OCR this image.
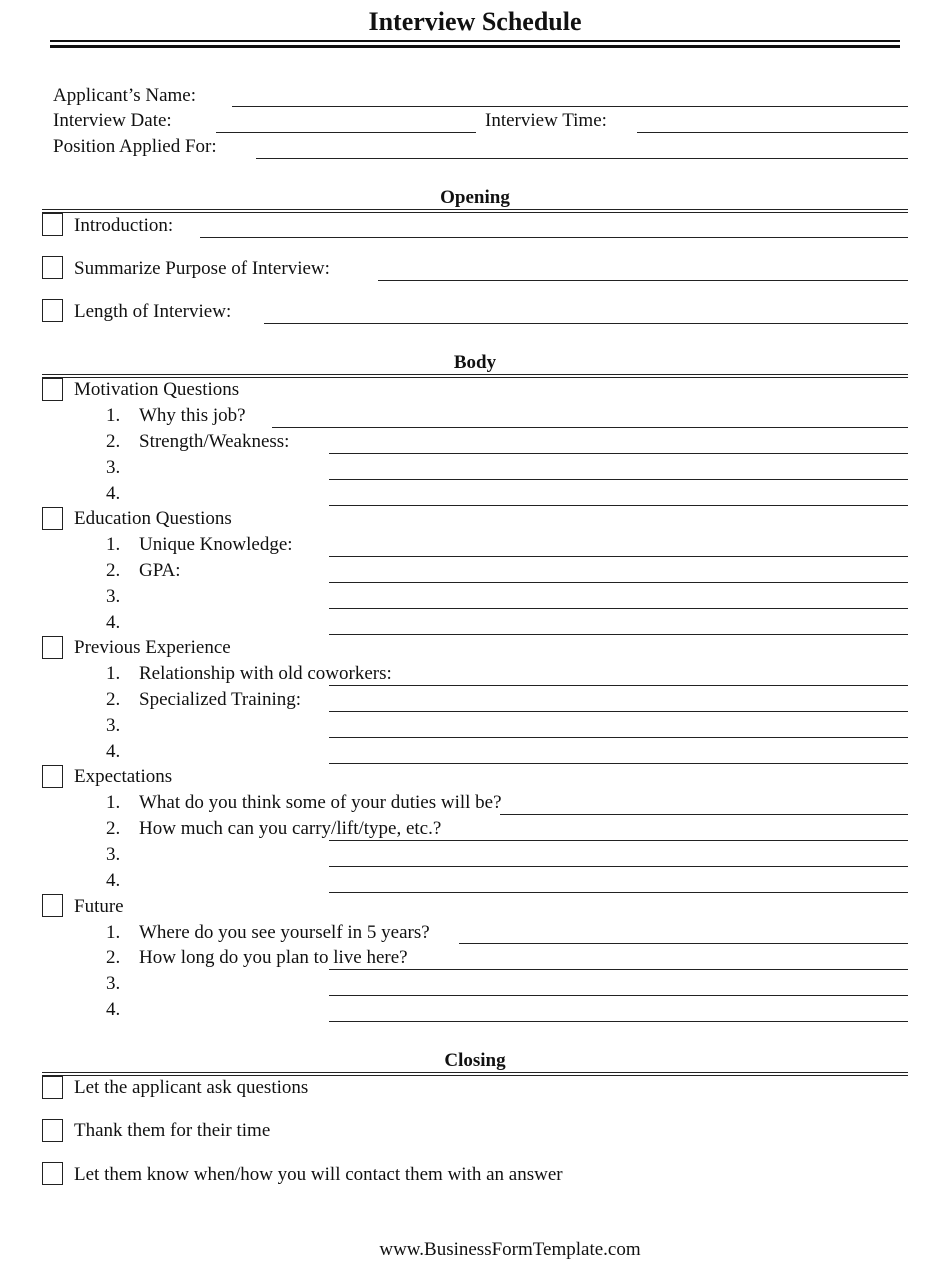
Interview Schedule
Applicant’s Name:
Interview Date:	Interview Time:
Position Applied For:
Opening
Introduction:
Summarize Purpose of Interview:
Length of Interview:
Body
Motivation Questions
1. Why this job?
2. Strength/Weakness:
3.
4.
Education Questions
1. Unique Knowledge:
2. GPA:
3.
4.
Previous Experience
1. Relationship with old coworkers:
2. Specialized Training:
3.
4.
Expectations
1. What do you think some of your duties will be?
2. How much can you carry/lift/type, etc.?
3.
4.
Future
1. Where do you see yourself in 5 years?
2. How long do you plan to live here?
3.
4.
Closing
Let the applicant ask questions
Thank them for their time
Let them know when/how you will contact them with an answer
www.BusinessFormTemplate.com
